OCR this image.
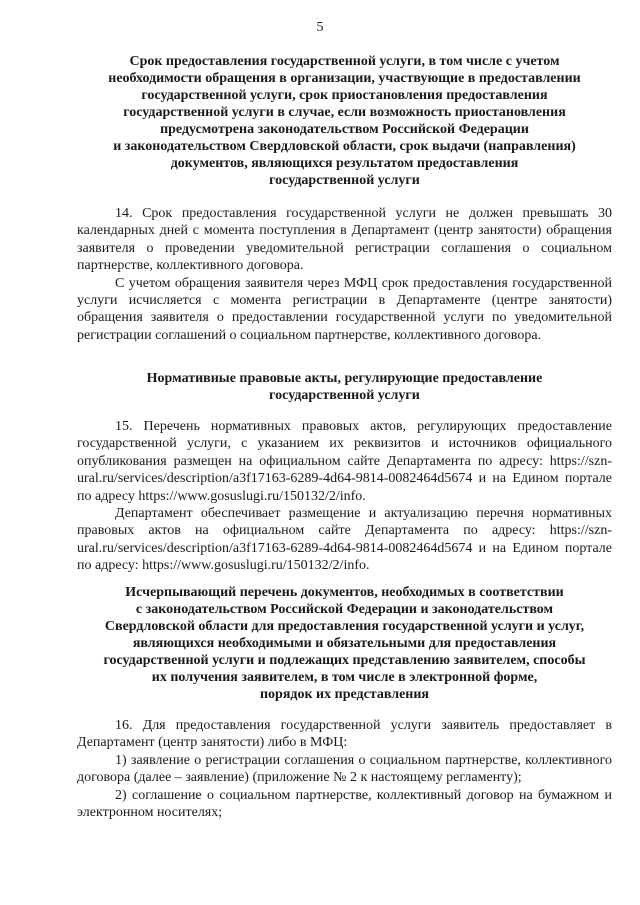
5
Срок предоставления государственной услуги, в том числе с учетом
необходимости обращения в организации, участвующие в предоставлении
государственной услуги, срок приостановления предоставления
государственной услуги в случае, если возможность приостановления
предусмотрена законодательством Российской Федерации
и законодательством Свердловской области, срок выдачи (направления)
документов, являющихся результатом предоставления
государственной услуги

14. Срок предоставления государственной услуги не должен превышать 30 календарных дней с момента поступления в Департамент (центр занятости) обращения заявителя о проведении уведомительной регистрации соглашения о социальном партнерстве, коллективного договора.

С учетом обращения заявителя через МФЦ срок предоставления государственной услуги исчисляется с момента регистрации в Департаменте (центре занятости) обращения заявителя о предоставлении государственной услуги по уведомительной регистрации соглашений о социальном партнерстве, коллективного договора.

Нормативные правовые акты, регулирующие предоставление
государственной услуги

15. Перечень нормативных правовых актов, регулирующих предоставление государственной услуги, с указанием их реквизитов и источников официального опубликования размещен на официальном сайте Департамента по адресу: https://szn-ural.ru/services/description/a3f17163-6289-4d64-9814-0082464d5674 и на Едином портале по адресу https://www.gosuslugi.ru/150132/2/info.

Департамент обеспечивает размещение и актуализацию перечня нормативных правовых актов на официальном сайте Департамента по адресу: https://szn-ural.ru/services/description/a3f17163-6289-4d64-9814-0082464d5674 и на Едином портале по адресу: https://www.gosuslugi.ru/150132/2/info.

Исчерпывающий перечень документов, необходимых в соответствии
с законодательством Российской Федерации и законодательством
Свердловской области для предоставления государственной услуги и услуг,
являющихся необходимыми и обязательными для предоставления
государственной услуги и подлежащих представлению заявителем, способы
их получения заявителем, в том числе в электронной форме,
порядок их представления

16. Для предоставления государственной услуги заявитель предоставляет в Департамент (центр занятости) либо в МФЦ:

1) заявление о регистрации соглашения о социальном партнерстве, коллективного договора (далее – заявление) (приложение № 2 к настоящему регламенту);

2) соглашение о социальном партнерстве, коллективный договор на бумажном и электронном носителях;
